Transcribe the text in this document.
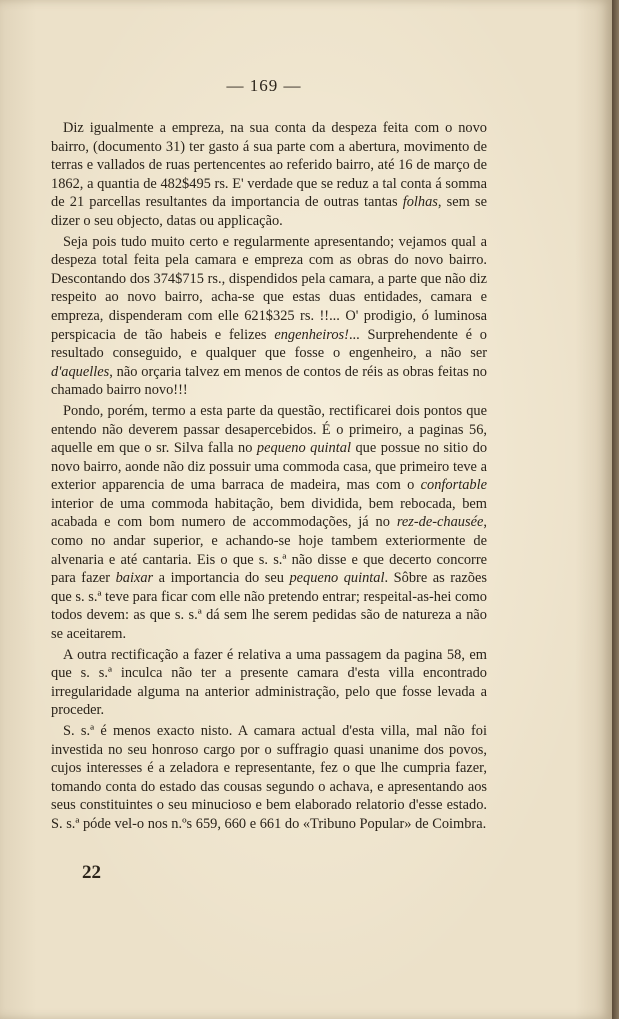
— 169 —

Diz igualmente a empreza, na sua conta da despeza feita com o novo bairro, (documento 31) ter gasto á sua parte com a abertura, movimento de terras e vallados de ruas pertencentes ao referido bairro, até 16 de março de 1862, a quantia de 482$495 rs. E' verdade que se reduz a tal conta á somma de 21 parcellas resultantes da importancia de outras tantas folhas, sem se dizer o seu objecto, datas ou applicação.

Seja pois tudo muito certo e regularmente apresentando; vejamos qual a despeza total feita pela camara e empreza com as obras do novo bairro. Descontando dos 374$715 rs., dispendidos pela camara, a parte que não diz respeito ao novo bairro, acha-se que estas duas entidades, camara e empreza, dispenderam com elle 621$325 rs. !!... O' prodigio, ó luminosa perspicacia de tão habeis e felizes engenheiros!... Surprehendente é o resultado conseguido, e qualquer que fosse o engenheiro, a não ser d'aquelles, não orçaria talvez em menos de contos de réis as obras feitas no chamado bairro novo!!!

Pondo, porém, termo a esta parte da questão, rectificarei dois pontos que entendo não deverem passar desapercebidos. É o primeiro, a paginas 56, aquelle em que o sr. Silva falla no pequeno quintal que possue no sitio do novo bairro, aonde não diz possuir uma commoda casa, que primeiro teve a exterior apparencia de uma barraca de madeira, mas com o confortable interior de uma commoda habitação, bem dividida, bem rebocada, bem acabada e com bom numero de accommodações, já no rez-de-chausée, como no andar superior, e achando-se hoje tambem exteriormente de alvenaria e até cantaria. Eis o que s. s.ª não disse e que decerto concorre para fazer baixar a importancia do seu pequeno quintal. Sôbre as razões que s. s.ª teve para ficar com elle não pretendo entrar; respeital-as-hei como todos devem: as que s. s.ª dá sem lhe serem pedidas são de natureza a não se aceitarem.

A outra rectificação a fazer é relativa a uma passagem da pagina 58, em que s. s.ª inculca não ter a presente camara d'esta villa encontrado irregularidade alguma na anterior administração, pelo que fosse levada a proceder.

S. s.ª é menos exacto nisto. A camara actual d'esta villa, mal não foi investida no seu honroso cargo por o suffragio quasi unanime dos povos, cujos interesses é a zeladora e representante, fez o que lhe cumpria fazer, tomando conta do estado das cousas segundo o achava, e apresentando aos seus constituintes o seu minucioso e bem elaborado relatorio d'esse estado. S. s.ª póde vel-o nos n.ºs 659, 660 e 661 do «Tribuno Popular» de Coimbra.

22
